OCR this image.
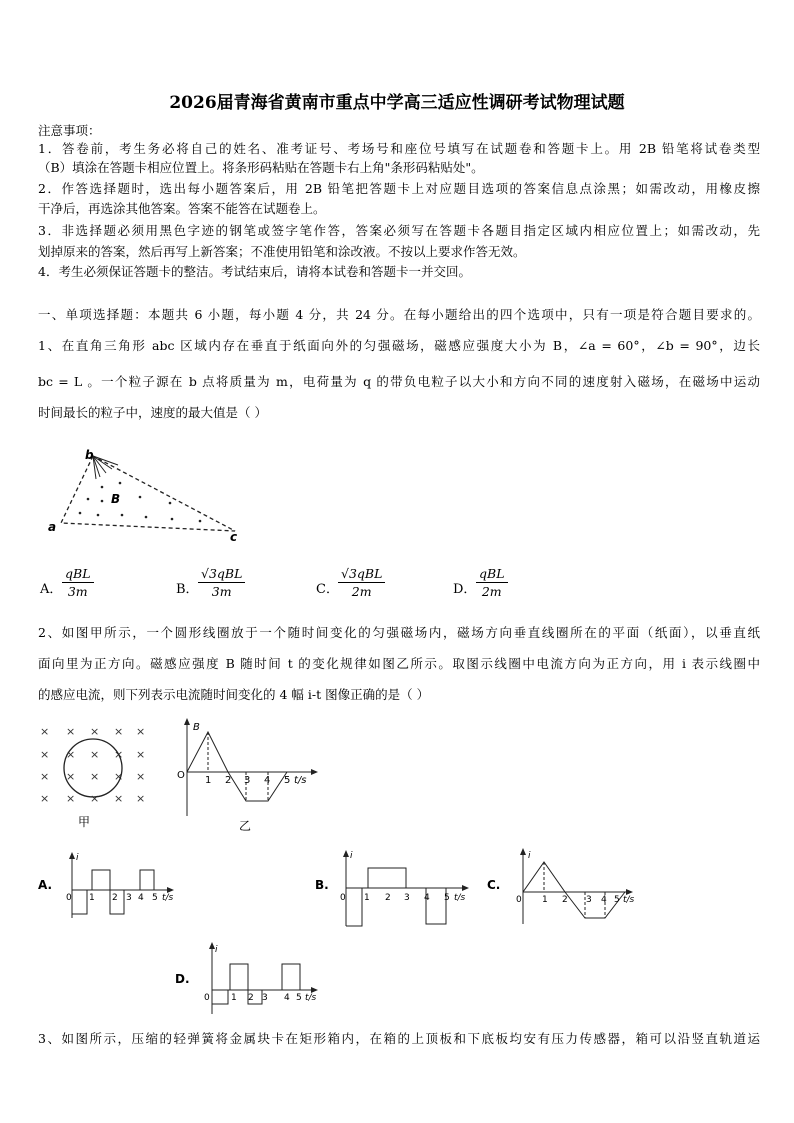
2026届青海省黄南市重点中学高三适应性调研考试物理试题
注意事项：
1．答卷前，考生务必将自己的姓名、准考证号、考场号和座位号填写在试题卷和答题卡上。用 2B 铅笔将试卷类型
（B）填涂在答题卡相应位置上。将条形码粘贴在答题卡右上角"条形码粘贴处"。
2．作答选择题时，选出每小题答案后，用 2B 铅笔把答题卡上对应题目选项的答案信息点涂黑；如需改动，用橡皮擦
干净后，再选涂其他答案。答案不能答在试题卷上。
3．非选择题必须用黑色字迹的钢笔或签字笔作答，答案必须写在答题卡各题目指定区域内相应位置上；如需改动，先
划掉原来的答案，然后再写上新答案；不准使用铅笔和涂改液。不按以上要求作答无效。
4．考生必须保证答题卡的整洁。考试结束后，请将本试卷和答题卡一并交回。
一、单项选择题：本题共 6 小题，每小题 4 分，共 24 分。在每小题给出的四个选项中，只有一项是符合题目要求的。
1、在直角三角形 abc 区域内存在垂直于纸面向外的匀强磁场，磁感应强度大小为 B，∠a = 60°，∠b = 90°，边长
bc = L 。一个粒子源在 b 点将质量为 m，电荷量为 q 的带负电粒子以大小和方向不同的速度射入磁场，在磁场中运动
时间最长的粒子中，速度的最大值是（ ）
b
a
c
B
A．
qBL
3m	B．
√3qBL
3m	C．
√3qBL
2m	D．
qBL
2m
2、如图甲所示，一个圆形线圈放于一个随时间变化的匀强磁场内，磁场方向垂直线圈所在的平面（纸面），以垂直纸
面向里为正方向。磁感应强度 B 随时间 t 的变化规律如图乙所示。取图示线圈中电流方向为正方向，用 i 表示线圈中
的感应电流，则下列表示电流随时间变化的 4 幅 i-t 图像正确的是（ ）
× × × × ×
× × × × ×
× × × × ×
× × × × ×
甲
B
O 1 2 3 4 5 t/s
乙
A.
i
0 1 2 3 4 5 t/s
B.
i
0 1 2 3 4 5 t/s
C.
i
0 1 2 3 4 5 t/s
D.
i
0 1 2 3 4 5 t/s
3、如图所示，压缩的轻弹簧将金属块卡在矩形箱内，在箱的上顶板和下底板均安有压力传感器，箱可以沿竖直轨道运
